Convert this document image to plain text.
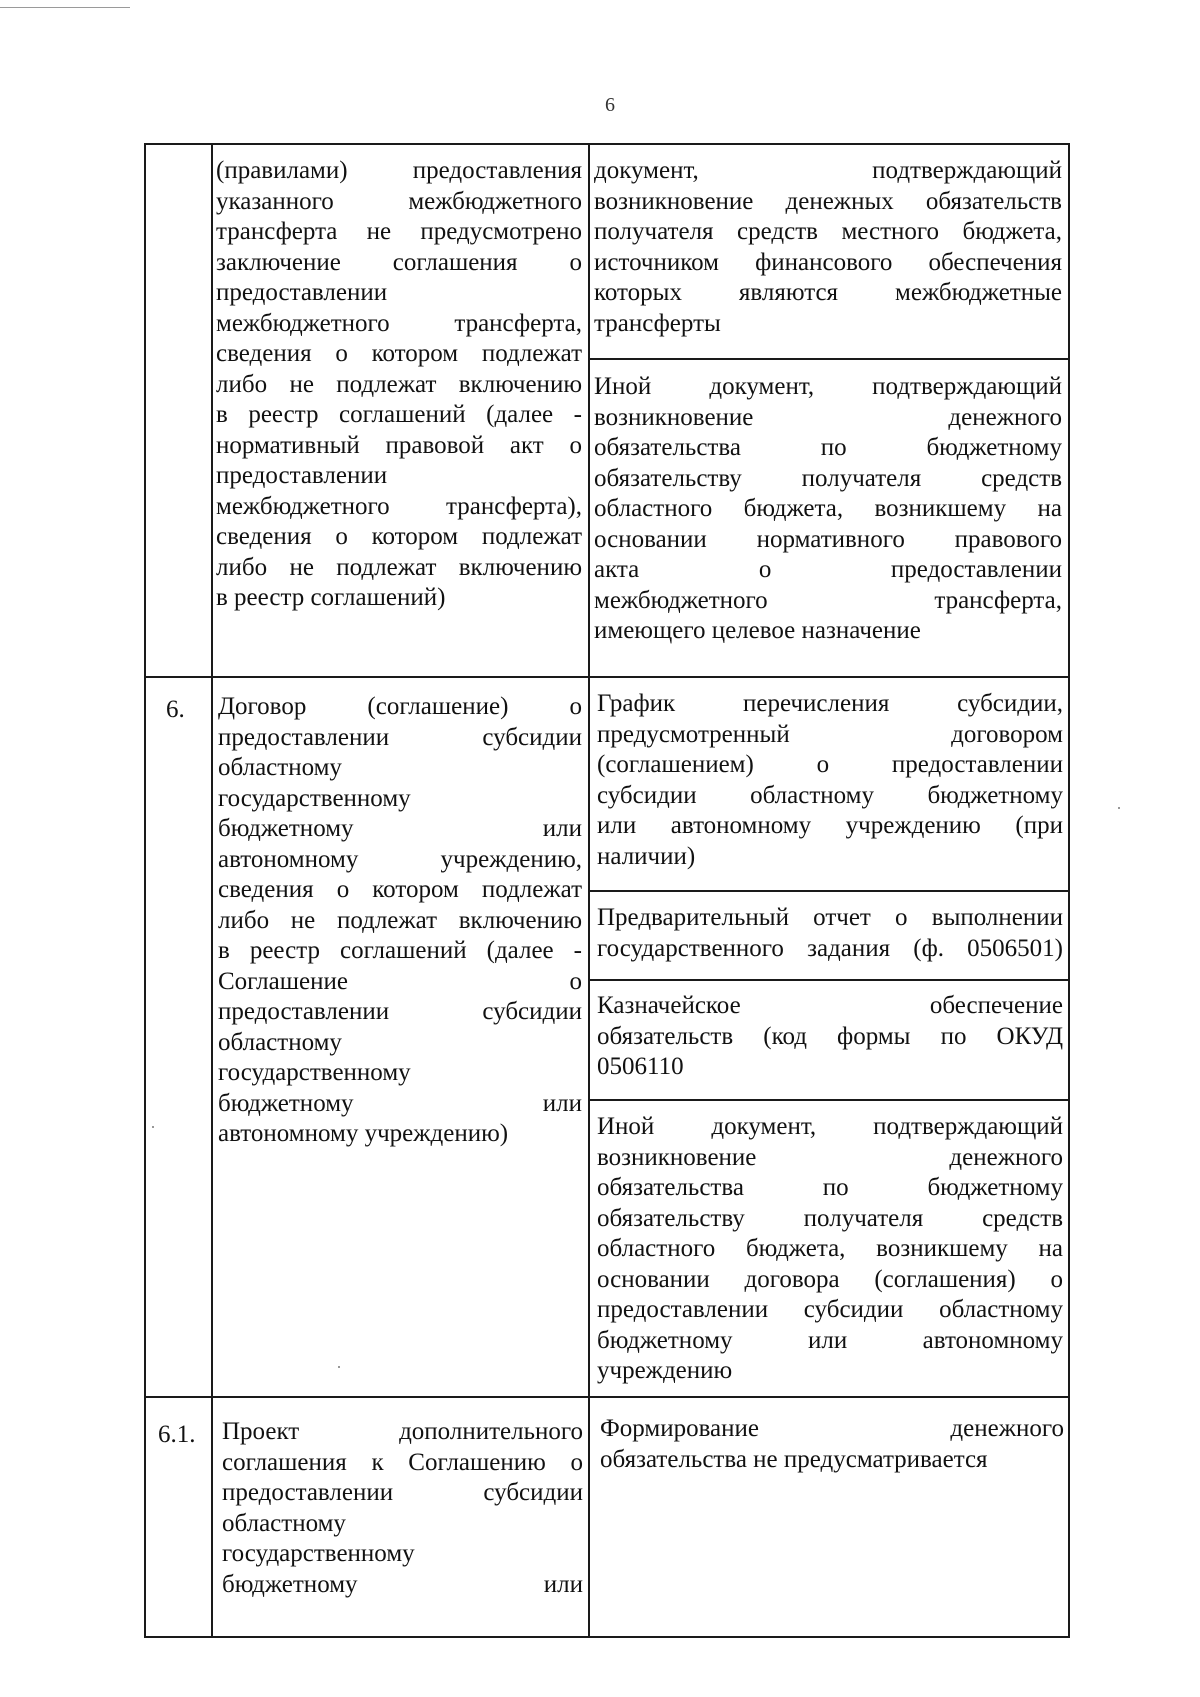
6
(правилами) предоставления
указанного межбюджетного
трансферта не предусмотрено
заключение соглашения о
предоставлении
межбюджетного трансферта,
сведения о котором подлежат
либо не подлежат включению
в реестр соглашений (далее -
нормативный правовой акт о
предоставлении
межбюджетного трансферта),
сведения о котором подлежат
либо не подлежат включению
в реестр соглашений)
документ, подтверждающий
возникновение денежных обязательств
получателя средств местного бюджета,
источником финансового обеспечения
которых являются межбюджетные
трансферты
Иной документ, подтверждающий
возникновение денежного
обязательства по бюджетному
обязательству получателя средств
областного бюджета, возникшему на
основании нормативного правового
акта о предоставлении
межбюджетного трансферта,
имеющего целевое назначение
6. Договор (соглашение) о
предоставлении субсидии
областному
государственному
бюджетному или
автономному учреждению,
сведения о котором подлежат
либо не подлежат включению
в реестр соглашений (далее -
Соглашение о
предоставлении субсидии
областному
государственному
бюджетному или
автономному учреждению)
График перечисления субсидии,
предусмотренный договором
(соглашением) о предоставлении
субсидии областному бюджетному
или автономному учреждению (при
наличии)
Предварительный отчет о выполнении
государственного задания (ф. 0506501)
Казначейское обеспечение
обязательств (код формы по ОКУД
0506110
Иной документ, подтверждающий
возникновение денежного
обязательства по бюджетному
обязательству получателя средств
областного бюджета, возникшему на
основании договора (соглашения) о
предоставлении субсидии областному
бюджетному или автономному
учреждению
6.1. Проект дополнительного
соглашения к Соглашению о
предоставлении субсидии
областному
государственному
бюджетному или
Формирование денежного
обязательства не предусматривается
